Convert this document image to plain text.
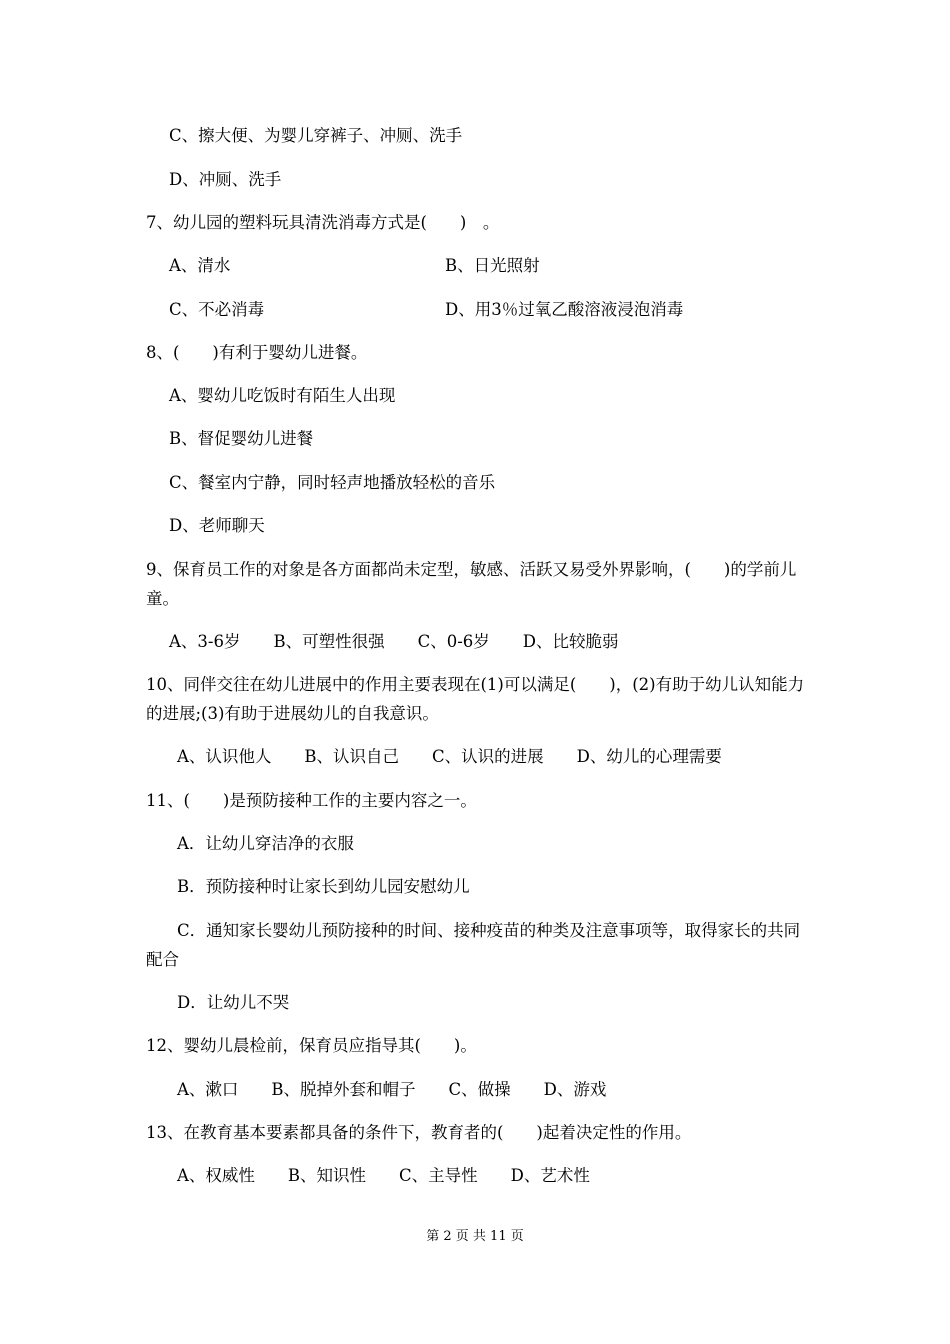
C、擦大便、为婴儿穿裤子、冲厕、洗手
D、冲厕、洗手
7、幼儿园的塑料玩具清洗消毒方式是(　　)　。
A、清水	B、日光照射
C、不必消毒	D、用3％过氧乙酸溶液浸泡消毒
8、(　　)有利于婴幼儿进餐。
A、婴幼儿吃饭时有陌生人出现
B、督促婴幼儿进餐
C、餐室内宁静，同时轻声地播放轻松的音乐
D、老师聊天
9、保育员工作的对象是各方面都尚未定型，敏感、活跃又易受外界影响，(　　)的学前儿
童。
A、3-6岁　　B、可塑性很强　　C、0-6岁　　D、比较脆弱
10、同伴交往在幼儿进展中的作用主要表现在(1)可以满足(　　)，(2)有助于幼儿认知能力
的进展;(3)有助于进展幼儿的自我意识。
A、认识他人　　B、认识自己　　C、认识的进展　　D、幼儿的心理需要
11、(　　)是预防接种工作的主要内容之一。
A．让幼儿穿洁净的衣服
B．预防接种时让家长到幼儿园安慰幼儿
C．通知家长婴幼儿预防接种的时间、接种疫苗的种类及注意事项等，取得家长的共同
配合
D．让幼儿不哭
12、婴幼儿晨检前，保育员应指导其(　　)。
A、漱口　　B、脱掉外套和帽子　　C、做操　　D、游戏
13、在教育基本要素都具备的条件下，教育者的(　　)起着决定性的作用。
A、权威性　　B、知识性　　C、主导性　　D、艺术性
第 2 页 共 11 页
